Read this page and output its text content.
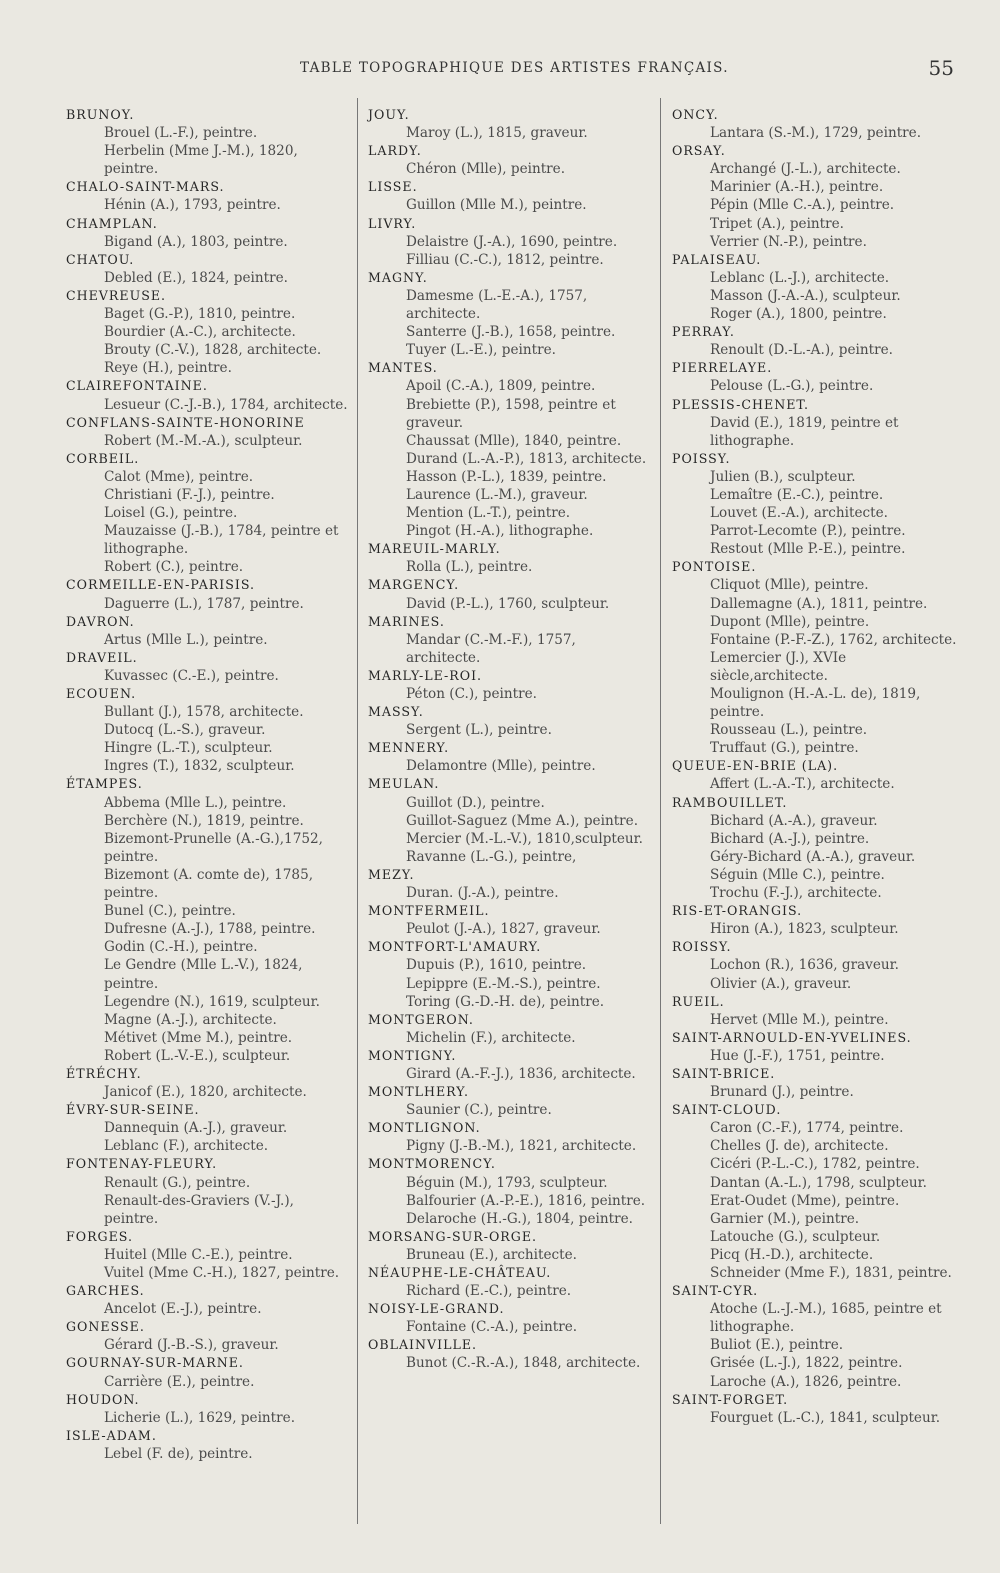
TABLE TOPOGRAPHIQUE DES ARTISTES FRANÇAIS.	55
BRUNOY.
Brouel (L.-F.), peintre.
Herbelin (Mme J.-M.), 1820, peintre.
CHALO-SAINT-MARS.
Hénin (A.), 1793, peintre.
CHAMPLAN.
Bigand (A.), 1803, peintre.
CHATOU.
Debled (E.), 1824, peintre.
CHEVREUSE.
Baget (G.-P.), 1810, peintre.
Bourdier (A.-C.), architecte.
Brouty (C.-V.), 1828, architecte.
Reye (H.), peintre.
CLAIREFONTAINE.
Lesueur (C.-J.-B.), 1784, architecte.
CONFLANS-SAINTE-HONORINE
Robert (M.-M.-A.), sculpteur.
CORBEIL.
Calot (Mme), peintre.
Christiani (F.-J.), peintre.
Loisel (G.), peintre.
Mauzaisse (J.-B.), 1784, peintre et lithographe.
Robert (C.), peintre.
CORMEILLE-EN-PARISIS.
Daguerre (L.), 1787, peintre.
DAVRON.
Artus (Mlle L.), peintre.
DRAVEIL.
Kuvassec (C.-E.), peintre.
ECOUEN.
Bullant (J.), 1578, architecte.
Dutocq (L.-S.), graveur.
Hingre (L.-T.), sculpteur.
Ingres (T.), 1832, sculpteur.
ÉTAMPES.
Abbema (Mlle L.), peintre.
Berchère (N.), 1819, peintre.
Bizemont-Prunelle (A.-G.),1752, peintre.
Bizemont (A. comte de), 1785, peintre.
Bunel (C.), peintre.
Dufresne (A.-J.), 1788, peintre.
Godin (C.-H.), peintre.
Le Gendre (Mlle L.-V.), 1824, peintre.
Legendre (N.), 1619, sculpteur.
Magne (A.-J.), architecte.
Métivet (Mme M.), peintre.
Robert (L.-V.-E.), sculpteur.
ÉTRÉCHY.
Janicof (E.), 1820, architecte.
ÉVRY-SUR-SEINE.
Dannequin (A.-J.), graveur.
Leblanc (F.), architecte.
FONTENAY-FLEURY.
Renault (G.), peintre.
Renault-des-Graviers (V.-J.), peintre.
FORGES.
Huitel (Mlle C.-E.), peintre.
Vuitel (Mme C.-H.), 1827, peintre.
GARCHES.
Ancelot (E.-J.), peintre.
GONESSE.
Gérard (J.-B.-S.), graveur.
GOURNAY-SUR-MARNE.
Carrière (E.), peintre.
HOUDON.
Licherie (L.), 1629, peintre.
ISLE-ADAM.
Lebel (F. de), peintre.
JOUY.
Maroy (L.), 1815, graveur.
LARDY.
Chéron (Mlle), peintre.
LISSE.
Guillon (Mlle M.), peintre.
LIVRY.
Delaistre (J.-A.), 1690, peintre.
Filliau (C.-C.), 1812, peintre.
MAGNY.
Damesme (L.-E.-A.), 1757, architecte.
Santerre (J.-B.), 1658, peintre.
Tuyer (L.-E.), peintre.
MANTES.
Apoil (C.-A.), 1809, peintre.
Brebiette (P.), 1598, peintre et graveur.
Chaussat (Mlle), 1840, peintre.
Durand (L.-A.-P.), 1813, architecte.
Hasson (P.-L.), 1839, peintre.
Laurence (L.-M.), graveur.
Mention (L.-T.), peintre.
Pingot (H.-A.), lithographe.
MAREUIL-MARLY.
Rolla (L.), peintre.
MARGENCY.
David (P.-L.), 1760, sculpteur.
MARINES.
Mandar (C.-M.-F.), 1757, architecte.
MARLY-LE-ROI.
Péton (C.), peintre.
MASSY.
Sergent (L.), peintre.
MENNERY.
Delamontre (Mlle), peintre.
MEULAN.
Guillot (D.), peintre.
Guillot-Saguez (Mme A.), peintre.
Mercier (M.-L.-V.), 1810,sculpteur.
Ravanne (L.-G.), peintre,
MEZY.
Duran. (J.-A.), peintre.
MONTFERMEIL.
Peulot (J.-A.), 1827, graveur.
MONTFORT-L'AMAURY.
Dupuis (P.), 1610, peintre.
Lepippre (E.-M.-S.), peintre.
Toring (G.-D.-H. de), peintre.
MONTGERON.
Michelin (F.), architecte.
MONTIGNY.
Girard (A.-F.-J.), 1836, architecte.
MONTLHERY.
Saunier (C.), peintre.
MONTLIGNON.
Pigny (J.-B.-M.), 1821, architecte.
MONTMORENCY.
Béguin (M.), 1793, sculpteur.
Balfourier (A.-P.-E.), 1816, peintre.
Delaroche (H.-G.), 1804, peintre.
MORSANG-SUR-ORGE.
Bruneau (E.), architecte.
NÉAUPHE-LE-CHÂTEAU.
Richard (E.-C.), peintre.
NOISY-LE-GRAND.
Fontaine (C.-A.), peintre.
OBLAINVILLE.
Bunot (C.-R.-A.), 1848, architecte.
ONCY.
Lantara (S.-M.), 1729, peintre.
ORSAY.
Archangé (J.-L.), architecte.
Marinier (A.-H.), peintre.
Pépin (Mlle C.-A.), peintre.
Tripet (A.), peintre.
Verrier (N.-P.), peintre.
PALAISEAU.
Leblanc (L.-J.), architecte.
Masson (J.-A.-A.), sculpteur.
Roger (A.), 1800, peintre.
PERRAY.
Renoult (D.-L.-A.), peintre.
PIERRELAYE.
Pelouse (L.-G.), peintre.
PLESSIS-CHENET.
David (E.), 1819, peintre et lithographe.
POISSY.
Julien (B.), sculpteur.
Lemaître (E.-C.), peintre.
Louvet (E.-A.), architecte.
Parrot-Lecomte (P.), peintre.
Restout (Mlle P.-E.), peintre.
PONTOISE.
Cliquot (Mlle), peintre.
Dallemagne (A.), 1811, peintre.
Dupont (Mlle), peintre.
Fontaine (P.-F.-Z.), 1762, architecte.
Lemercier (J.), XVIe siècle,architecte.
Moulignon (H.-A.-L. de), 1819, peintre.
Rousseau (L.), peintre.
Truffaut (G.), peintre.
QUEUE-EN-BRIE (LA).
Affert (L.-A.-T.), architecte.
RAMBOUILLET.
Bichard (A.-A.), graveur.
Bichard (A.-J.), peintre.
Géry-Bichard (A.-A.), graveur.
Séguin (Mlle C.), peintre.
Trochu (F.-J.), architecte.
RIS-ET-ORANGIS.
Hiron (A.), 1823, sculpteur.
ROISSY.
Lochon (R.), 1636, graveur.
Olivier (A.), graveur.
RUEIL.
Hervet (Mlle M.), peintre.
SAINT-ARNOULD-EN-YVELINES.
Hue (J.-F.), 1751, peintre.
SAINT-BRICE.
Brunard (J.), peintre.
SAINT-CLOUD.
Caron (C.-F.), 1774, peintre.
Chelles (J. de), architecte.
Cicéri (P.-L.-C.), 1782, peintre.
Dantan (A.-L.), 1798, sculpteur.
Erat-Oudet (Mme), peintre.
Garnier (M.), peintre.
Latouche (G.), sculpteur.
Picq (H.-D.), architecte.
Schneider (Mme F.), 1831, peintre.
SAINT-CYR.
Atoche (L.-J.-M.), 1685, peintre et lithographe.
Buliot (E.), peintre.
Grisée (L.-J.), 1822, peintre.
Laroche (A.), 1826, peintre.
SAINT-FORGET.
Fourguet (L.-C.), 1841, sculpteur.
